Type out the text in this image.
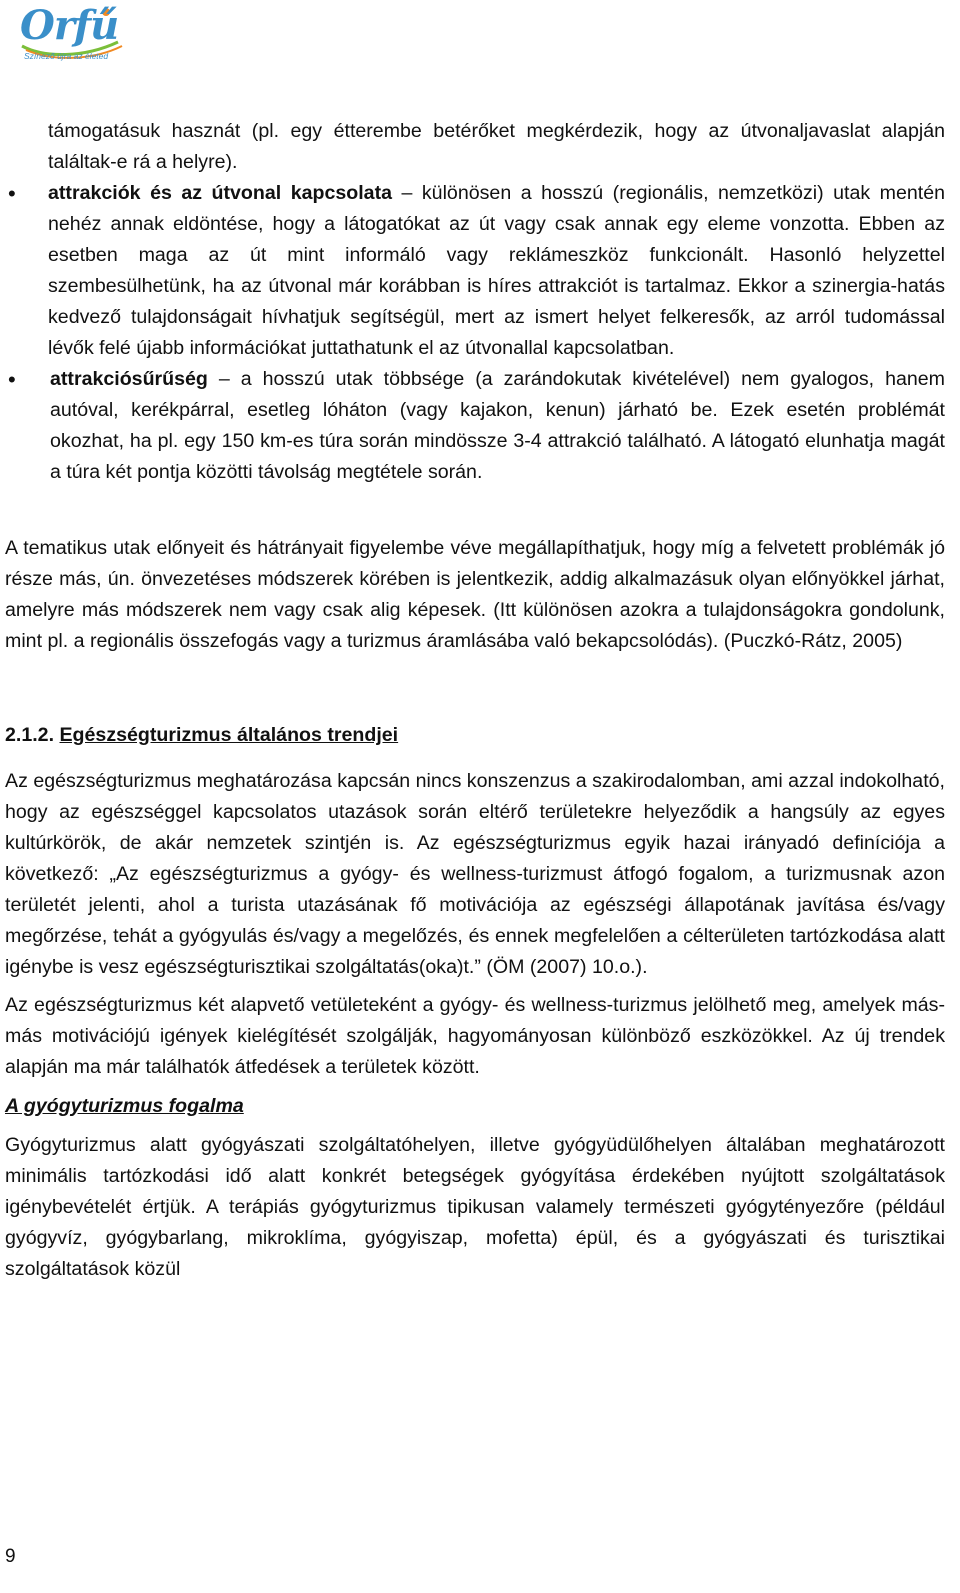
Orfű
Színező újra az életed
támogatásuk hasznát (pl. egy étterembe betérőket megkérdezik, hogy az útvonaljavaslat alapján találtak-e rá a helyre).
• attrakciók és az útvonal kapcsolata – különösen a hosszú (regionális, nemzetközi) utak mentén nehéz annak eldöntése, hogy a látogatókat az út vagy csak annak egy eleme vonzotta. Ebben az esetben maga az út mint informáló vagy reklámeszköz funkcionált. Hasonló helyzettel szembesülhetünk, ha az útvonal már korábban is híres attrakciót is tartalmaz. Ekkor a szinergia-hatás kedvező tulajdonságait hívhatjuk segítségül, mert az ismert helyet felkeresők, az arról tudomással lévők felé újabb információkat juttathatunk el az útvonallal kapcsolatban.
• attrakciósűrűség – a hosszú utak többsége (a zarándokutak kivételével) nem gyalogos, hanem autóval, kerékpárral, esetleg lóháton (vagy kajakon, kenun) járható be. Ezek esetén problémát okozhat, ha pl. egy 150 km-es túra során mindössze 3-4 attrakció található. A látogató elunhatja magát a túra két pontja közötti távolság megtétele során.

A tematikus utak előnyeit és hátrányait figyelembe véve megállapíthatjuk, hogy míg a felvetett problémák jó része más, ún. önvezetéses módszerek körében is jelentkezik, addig alkalmazásuk olyan előnyökkel járhat, amelyre más módszerek nem vagy csak alig képesek. (Itt különösen azokra a tulajdonságokra gondolunk, mint pl. a regionális összefogás vagy a turizmus áramlásába való bekapcsolódás). (Puczkó-Rátz, 2005)

2.1.2. Egészségturizmus általános trendjei

Az egészségturizmus meghatározása kapcsán nincs konszenzus a szakirodalomban, ami azzal indokolható, hogy az egészséggel kapcsolatos utazások során eltérő területekre helyeződik a hangsúly az egyes kultúrkörök, de akár nemzetek szintjén is. Az egészségturizmus egyik hazai irányadó definíciója a következő: „Az egészségturizmus a gyógy- és wellness-turizmust átfogó fogalom, a turizmusnak azon területét jelenti, ahol a turista utazásának fő motivációja az egészségi állapotának javítása és/vagy megőrzése, tehát a gyógyulás és/vagy a megelőzés, és ennek megfelelően a célterületen tartózkodása alatt igénybe is vesz egészségturisztikai szolgáltatás(oka)t.” (ÖM (2007) 10.o.).

Az egészségturizmus két alapvető vetületeként a gyógy- és wellness-turizmus jelölhető meg, amelyek más-más motivációjú igények kielégítését szolgálják, hagyományosan különböző eszközökkel. Az új trendek alapján ma már találhatók átfedések a területek között.

A gyógyturizmus fogalma

Gyógyturizmus alatt gyógyászati szolgáltatóhelyen, illetve gyógyüdülőhelyen általában meghatározott minimális tartózkodási idő alatt konkrét betegségek gyógyítása érdekében nyújtott szolgáltatások igénybevételét értjük. A terápiás gyógyturizmus tipikusan valamely természeti gyógytényezőre (például gyógyvíz, gyógybarlang, mikroklíma, gyógyiszap, mofetta) épül, és a gyógyászati és turisztikai szolgáltatások közül

9
